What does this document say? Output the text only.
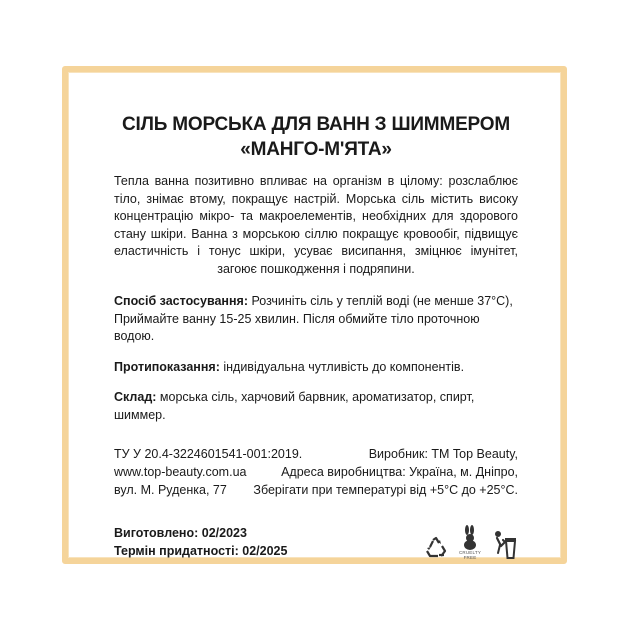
СІЛЬ МОРСЬКА ДЛЯ ВАНН З ШИММЕРОМ
«МАНГО-М'ЯТА»
Тепла ванна позитивно впливає на організм в цілому: розслаблює тіло, знімає втому, покращує настрій. Морська сіль містить високу концентрацію мікро- та макроелементів, необхідних для здорового стану шкіри. Ванна з морською сіллю покращує кровообіг, підвищує еластичність і тонус шкіри, усуває висипання, зміцнює імунітет, загоює пошкодження і подряпини.
Спосіб застосування: Розчиніть сіль у теплій воді (не менше 37°С), Приймайте ванну 15-25 хвилин. Після обмийте тіло проточною водою.
Протипоказання: індивідуальна чутливість до компонентів.
Склад: морська сіль, харчовий барвник, ароматизатор, спирт, шиммер.
ТУ У 20.4-3224601541-001:2019.	Виробник: ТМ Top Beauty,
www.top-beauty.com.ua	Адреса виробництва: Україна, м. Дніпро,
вул. М. Руденка, 77 Зберігати при температурі від +5°С до +25°С.
Виготовлено: 02/2023
Термін придатності: 02/2025	CRUELTY FREE
